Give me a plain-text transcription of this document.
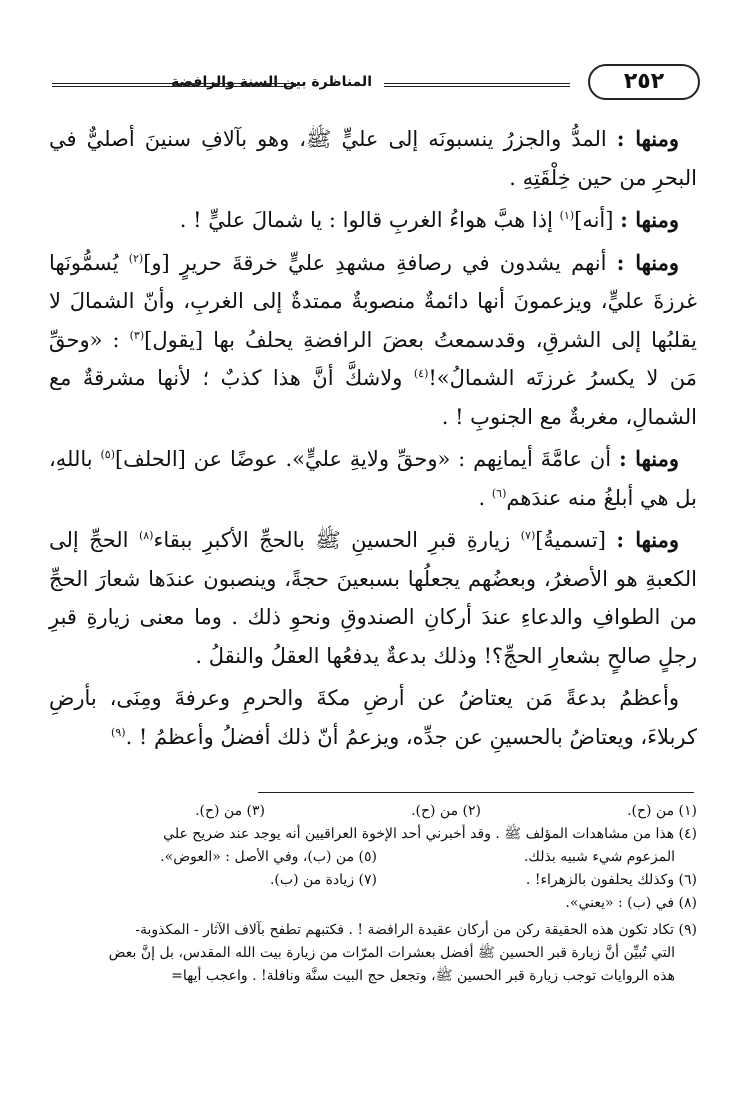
٢٥٢
المناظرة بين السنة والرافضة

ومنها : المدُّ والجزرُ ينسبونَه إلى عليٍّ ﷺ، وهو بآلافِ سنينَ أصليٌّ في البحرِ من حين خِلْقَتِهِ .

ومنها : [أنه]$^{(١)}$ إذا هبَّ هواءُ الغربِ قالوا : يا شمالَ عليٍّ ! .

ومنها : أنهم يشدون في رصافةِ مشهدِ عليٍّ خرقةَ حريرٍ [و]$^{(٢)}$ يُسمُّونَها غرزةَ عليٍّ، ويزعمونَ أنها دائمةٌ منصوبةٌ ممتدةٌ إلى الغربِ، وأنّ الشمالَ لا يقلبُها إلى الشرقِ، وقدسمعتُ بعضَ الرافضةِ يحلفُ بها [يقول]$^{(٣)}$ : «وحقِّ مَن لا يكسرُ غرزتَه الشمالُ»!$^{(٤)}$ ولاشكَّ أنَّ هذا كذبٌ ؛ لأنها مشرقةٌ مع الشمالِ، مغربةٌ مع الجنوبِ ! .

ومنها : أن عامَّةَ أيمانِهم : «وحقِّ ولايةِ عليٍّ». عوضًا عن [الحلف]$^{(٥)}$ باللهِ، بل هي أبلغُ منه عندَهم$^{(٦)}$ .

ومنها : [تسميةُ]$^{(٧)}$ زيارةِ قبرِ الحسينِ ﷺ بالحجِّ الأكبرِ ببقاء$^{(٨)}$ الحجِّ إلى الكعبةِ هو الأصغرُ، وبعضُهم يجعلُها بسبعينَ حجةً، وينصبون عندَها شعارَ الحجِّ من الطوافِ والدعاءِ عندَ أركانِ الصندوقِ ونحوِ ذلك . وما معنى زيارةِ قبرِ رجلٍ صالحٍ بشعارِ الحجِّ؟! وذلك بدعةٌ يدفعُها العقلُ والنقلُ .

وأعظمُ بدعةً مَن يعتاضُ عن أرضِ مكةَ والحرمِ وعرفةَ ومِنَى، بأرضِ كربلاءَ، ويعتاضُ بالحسينِ عن جدِّه، ويزعمُ أنّ ذلك أفضلُ وأعظمُ ! .$^{(٩)}$

(١) من (ح).
(٢) من (ح).
(٣) من (ح).
(٤) هذا من مشاهدات المؤلف ﷺ . وقد أخبرني أحد الإخوة العراقيين أنه يوجد عند ضريح علي
المزعوم شيء شبيه بذلك.
(٥) من (ب)، وفي الأصل : «العوض».
(٦) وكذلك يحلفون بالزهراء! .
(٧) زيادة من (ب).
(٨) في (ب) : «يعني».
(٩) تكاد تكون هذه الحقيقة ركن من أركان عقيدة الرافضة ! . فكتبهم تطفح بآلاف الآثار - المكذوبة-
التي تُبيِّن أنَّ زيارة قبر الحسين ﷺ أفضل بعشرات المرّات من زيارة بيت الله المقدس، بل إنَّ بعض
هذه الروايات توجب زيارة قبر الحسين ﷺ، وتجعل حج البيت سنَّة ونافلة! . واعجب أيها=
